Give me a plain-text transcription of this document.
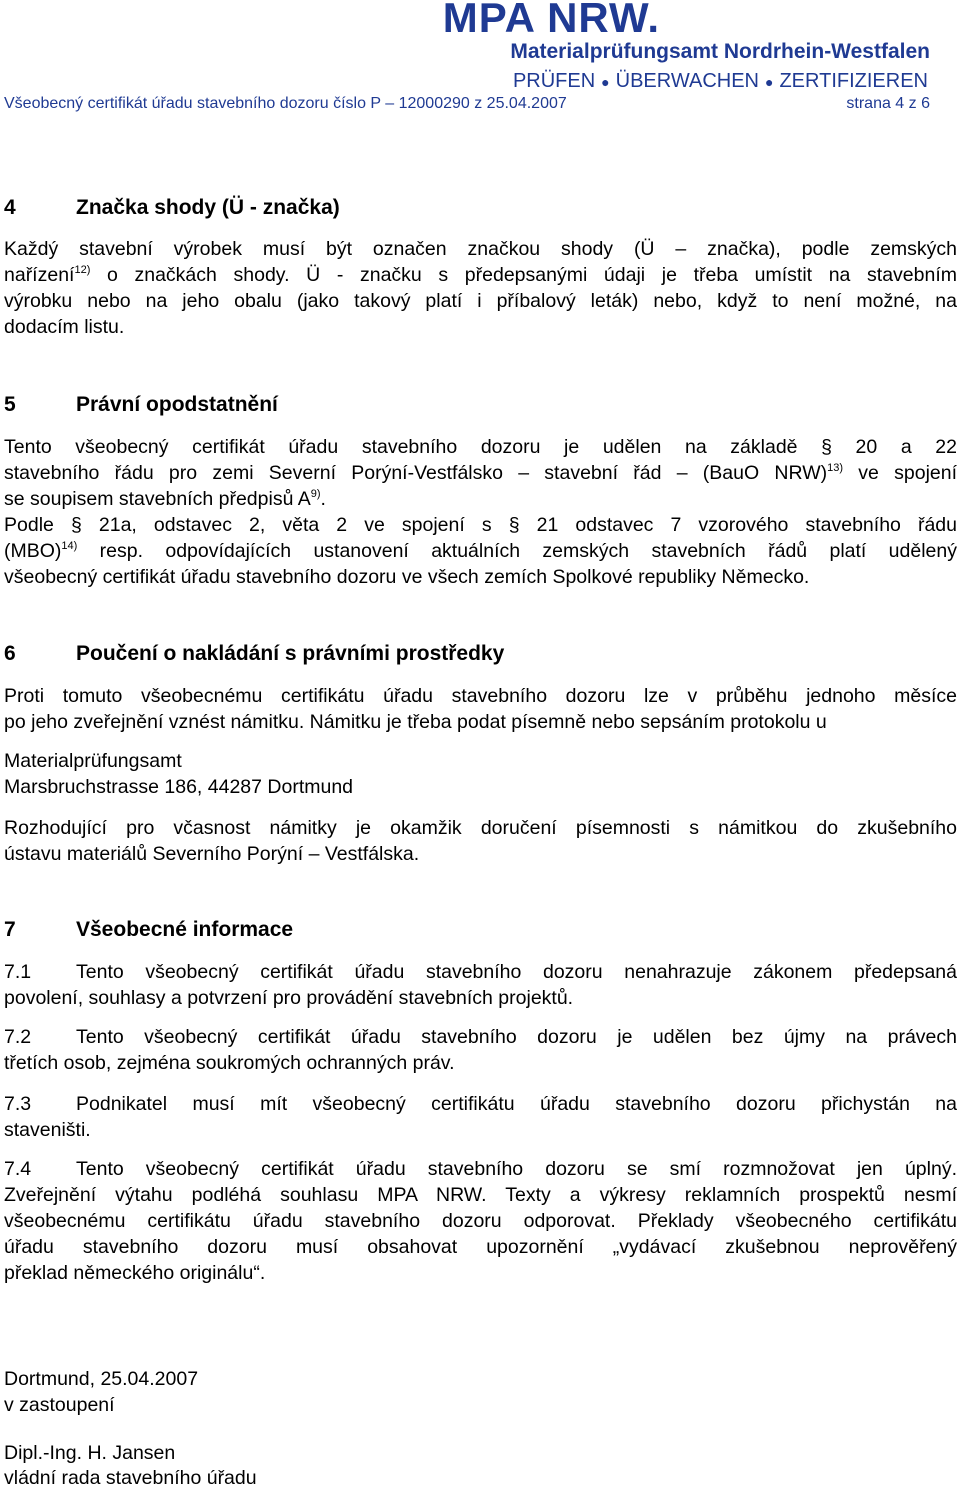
MPA NRW.
Materialprüfungsamt Nordrhein-Westfalen
PRÜFEN ● ÜBERWACHEN ● ZERTIFIZIEREN
Všeobecný certifikát úřadu stavebního dozoru číslo P – 12000290 z 25.04.2007	strana 4 z 6
4	Značka shody (Ü - značka)
Každý stavební výrobek musí být označen značkou shody (Ü – značka), podle zemských
nařízení$^{12)}$ o značkách shody. Ü - značku s předepsanými údaji je třeba umístit na stavebním
výrobku nebo na jeho obalu (jako takový platí i příbalový leták) nebo, když to není možné, na
dodacím listu.
5	Právní opodstatnění
Tento všeobecný certifikát úřadu stavebního dozoru je udělen na základě § 20 a 22
stavebního řádu pro zemi Severní Porýní-Vestfálsko – stavební řád – (BauO NRW)$^{13)}$ ve spojení
se soupisem stavebních předpisů $A^{9)}$.
Podle § 21a, odstavec 2, věta 2 ve spojení s § 21 odstavec 7 vzorového stavebního řádu
(MBO)$^{14)}$ resp. odpovídajících ustanovení aktuálních zemských stavebních řádů platí udělený
všeobecný certifikát úřadu stavebního dozoru ve všech zemích Spolkové republiky Německo.
6	Poučení o nakládání s právními prostředky
Proti tomuto všeobecnému certifikátu úřadu stavebního dozoru lze v průběhu jednoho měsíce
po jeho zveřejnění vznést námitku. Námitku je třeba podat písemně nebo sepsáním protokolu u
Materialprüfungsamt
Marsbruchstrasse 186, 44287 Dortmund
Rozhodující pro včasnost námitky je okamžik doručení písemnosti s námitkou do zkušebního
ústavu materiálů Severního Porýní – Vestfálska.
7	Všeobecné informace
7.1 Tento všeobecný certifikát úřadu stavebního dozoru nenahrazuje zákonem předepsaná
povolení, souhlasy a potvrzení pro provádění stavebních projektů.
7.2 Tento všeobecný certifikát úřadu stavebního dozoru je udělen bez újmy na právech
třetích osob, zejména soukromých ochranných práv.
7.3 Podnikatel musí mít všeobecný certifikátu úřadu stavebního dozoru přichystán na
staveništi.
7.4 Tento všeobecný certifikát úřadu stavebního dozoru se smí rozmnožovat jen úplný.
Zveřejnění výtahu podléhá souhlasu MPA NRW. Texty a výkresy reklamních prospektů nesmí
všeobecnému certifikátu úřadu stavebního dozoru odporovat. Překlady všeobecného certifikátu
úřadu stavebního dozoru musí obsahovat upozornění „vydávací zkušebnou neprověřený
překlad německého originálu“.
Dortmund, 25.04.2007
v zastoupení
Dipl.-Ing. H. Jansen
vládní rada stavebního úřadu
